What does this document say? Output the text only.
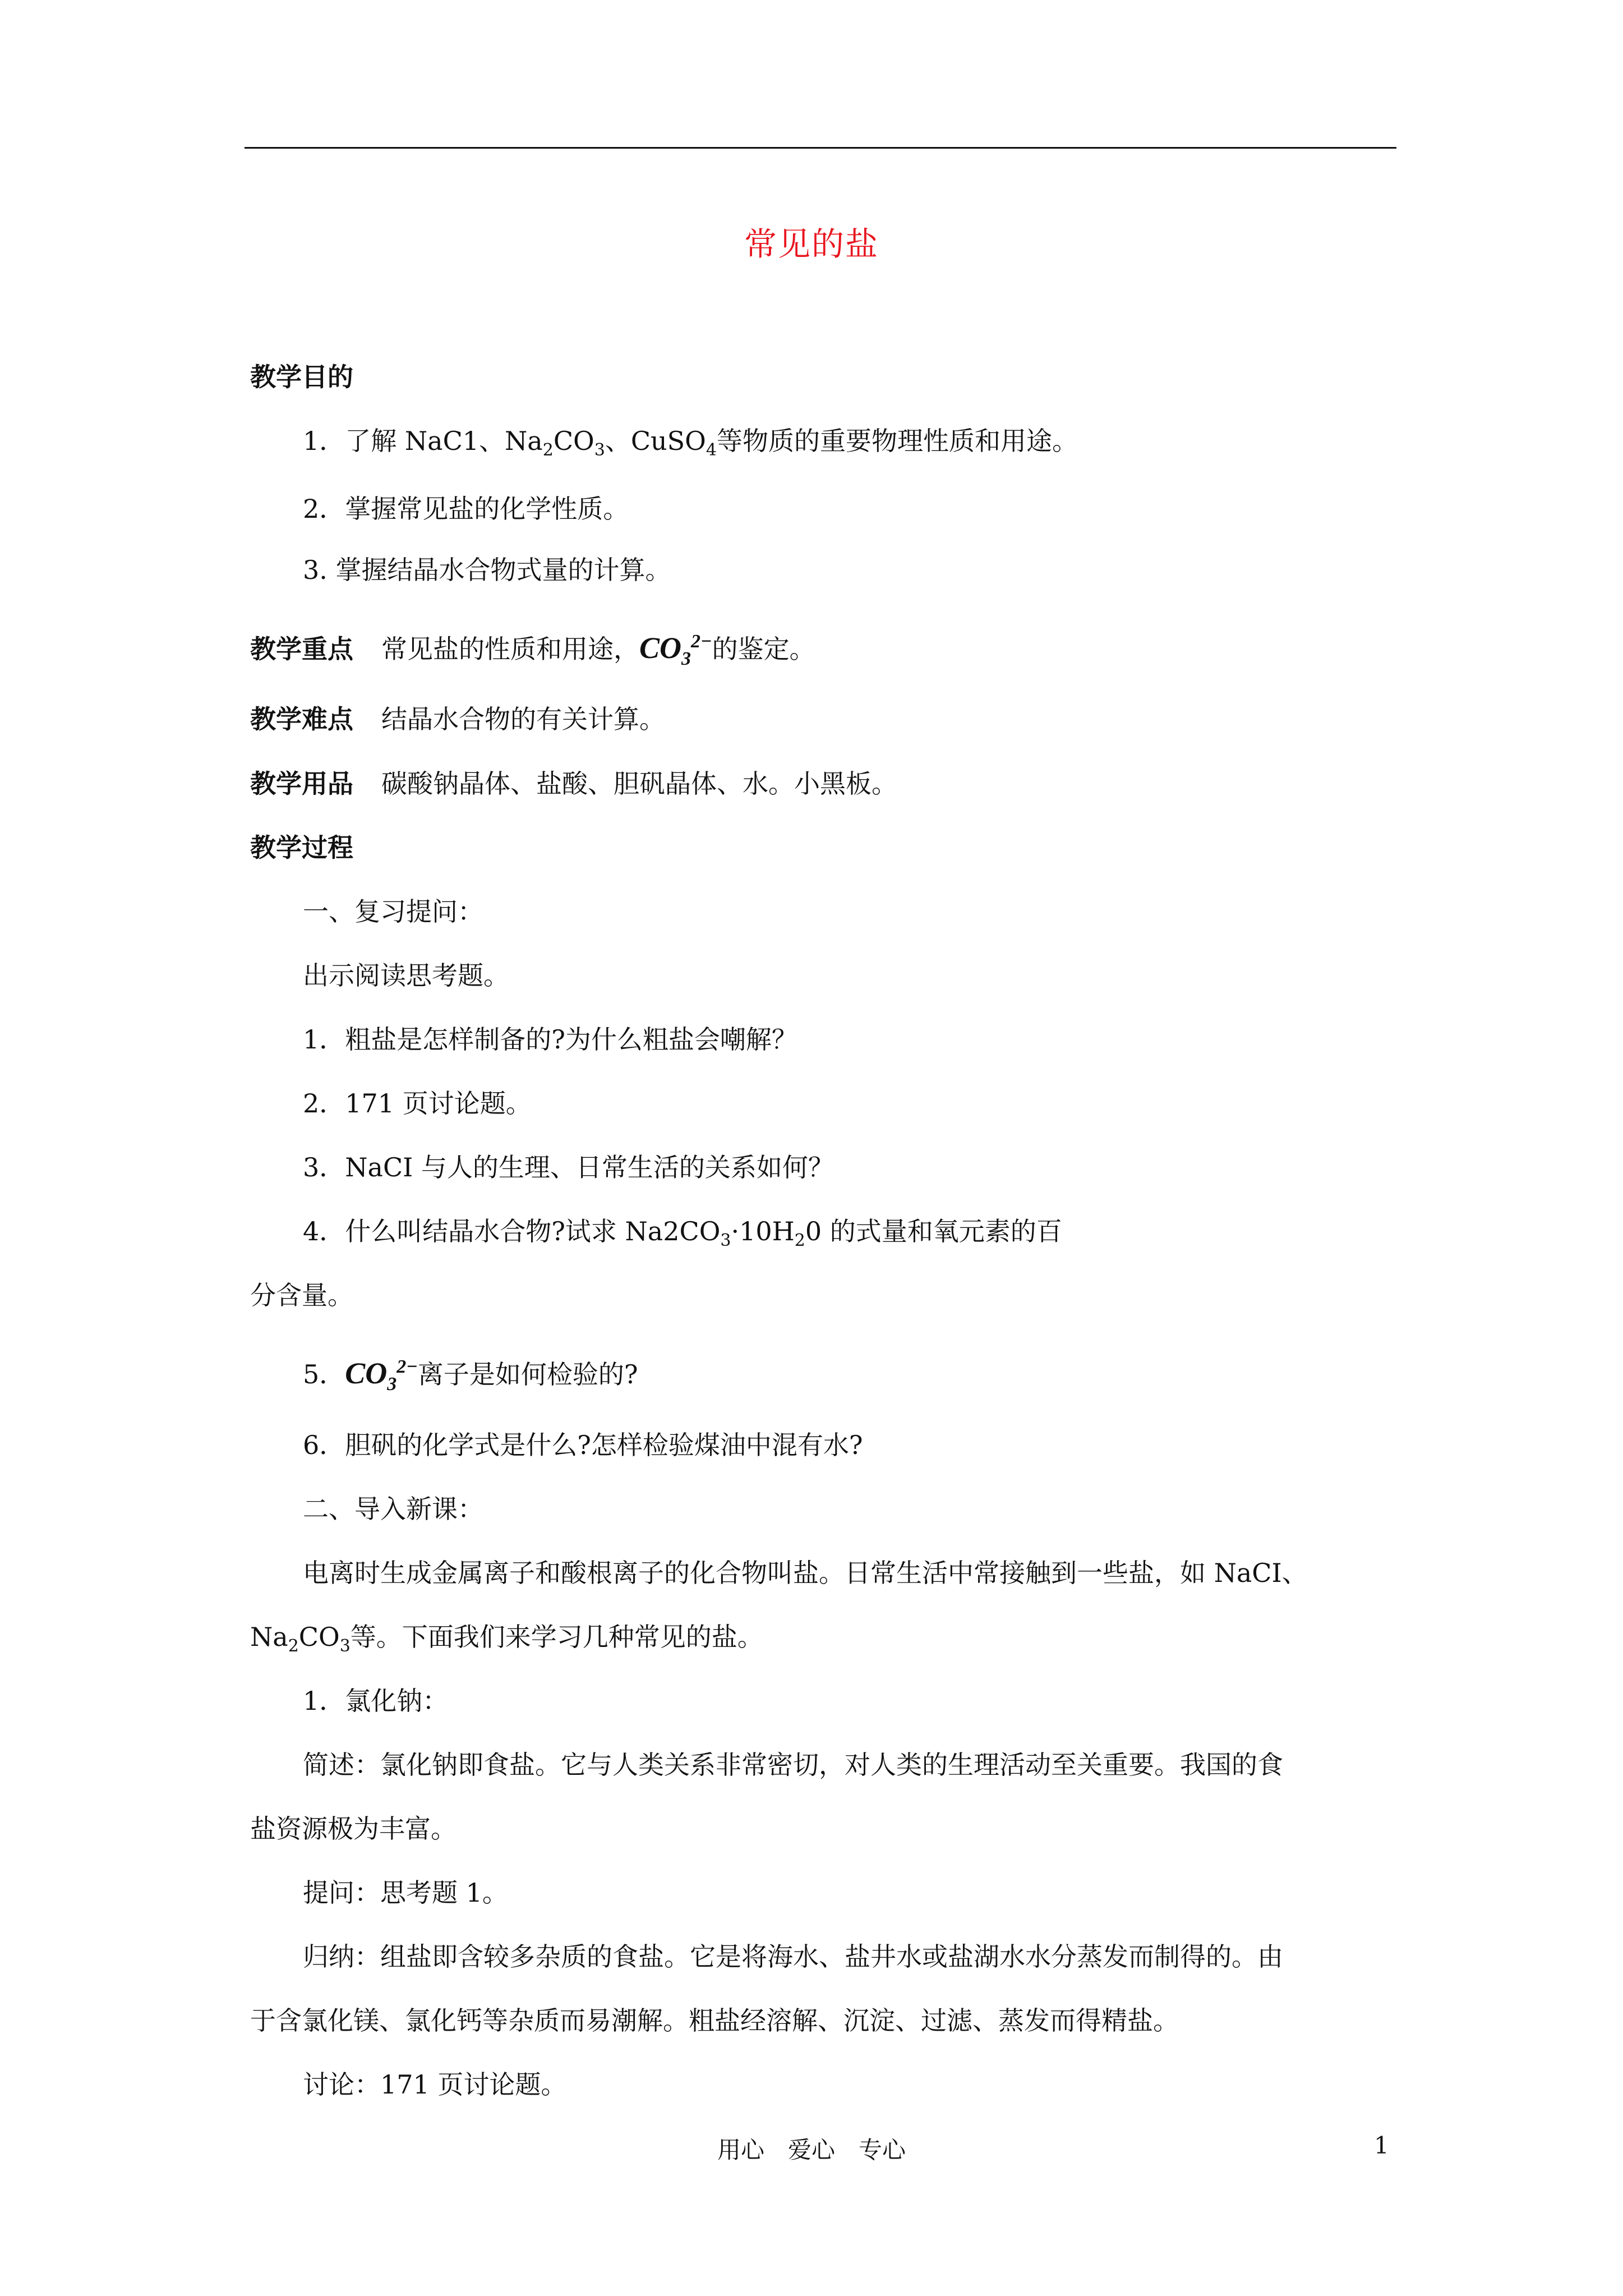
常见的盐
教学目的
1．了解 NaC1、$Na_2CO_3$、CuSO$_4$等物质的重要物理性质和用途。
2．掌握常见盐的化学性质。
3. 掌握结晶水合物式量的计算。
教学重点 常见盐的性质和用途，$CO_3^{2-}$的鉴定。
教学难点 结晶水合物的有关计算。
教学用品 碳酸钠晶体、盐酸、胆矾晶体、水。小黑板。
教学过程
一、复习提问：
出示阅读思考题。
1．粗盐是怎样制备的?为什么粗盐会嘲解？
2．171 页讨论题。
3．NaCI 与人的生理、日常生活的关系如何？
4．什么叫结晶水合物?试求 $Na2CO_3\cdot 10H_20$ 的式量和氧元素的百
分含量。
5．$CO_3^{2-}$离子是如何检验的?
6．胆矾的化学式是什么?怎样检验煤油中混有水?
二、导入新课：
电离时生成金属离子和酸根离子的化合物叫盐。日常生活中常接触到一些盐，如 NaCI、
$Na_2CO_3$等。下面我们来学习几种常见的盐。
1．氯化钠：
简述：氯化钠即食盐。它与人类关系非常密切，对人类的生理活动至关重要。我国的食
盐资源极为丰富。
提问：思考题 1。
归纳：组盐即含较多杂质的食盐。它是将海水、盐井水或盐湖水水分蒸发而制得的。由
于含氯化镁、氯化钙等杂质而易潮解。粗盐经溶解、沉淀、过滤、蒸发而得精盐。
讨论：171 页讨论题。
用心　爱心　专心	1
